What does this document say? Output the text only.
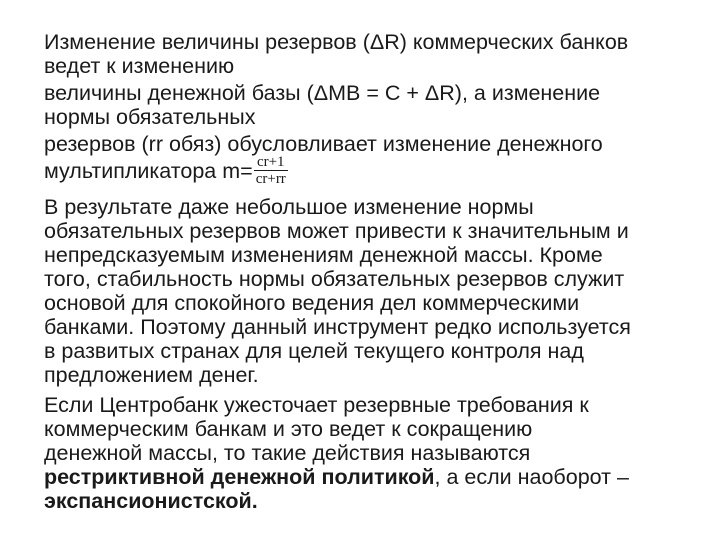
Изменение величины резервов (ΔR) коммерческих банков
ведет к изменению
величины денежной базы (ΔMB = C + ΔR), а изменение
нормы обязательных
резервов (rr обяз) обусловливает изменение денежного
мультипликатора $m= \frac{cr+1}{cr+rr}$
В результате даже небольшое изменение нормы
обязательных резервов может привести к значительным и
непредсказуемым изменениям денежной массы. Кроме
того, стабильность нормы обязательных резервов служит
основой для спокойного ведения дел коммерческими
банками. Поэтому данный инструмент редко используется
в развитых странах для целей текущего контроля над
предложением денег.
Если Центробанк ужесточает резервные требования к
коммерческим банкам и это ведет к сокращению
денежной массы, то такие действия называются
рестриктивной денежной политикой, а если наоборот –
экспансионистской.
